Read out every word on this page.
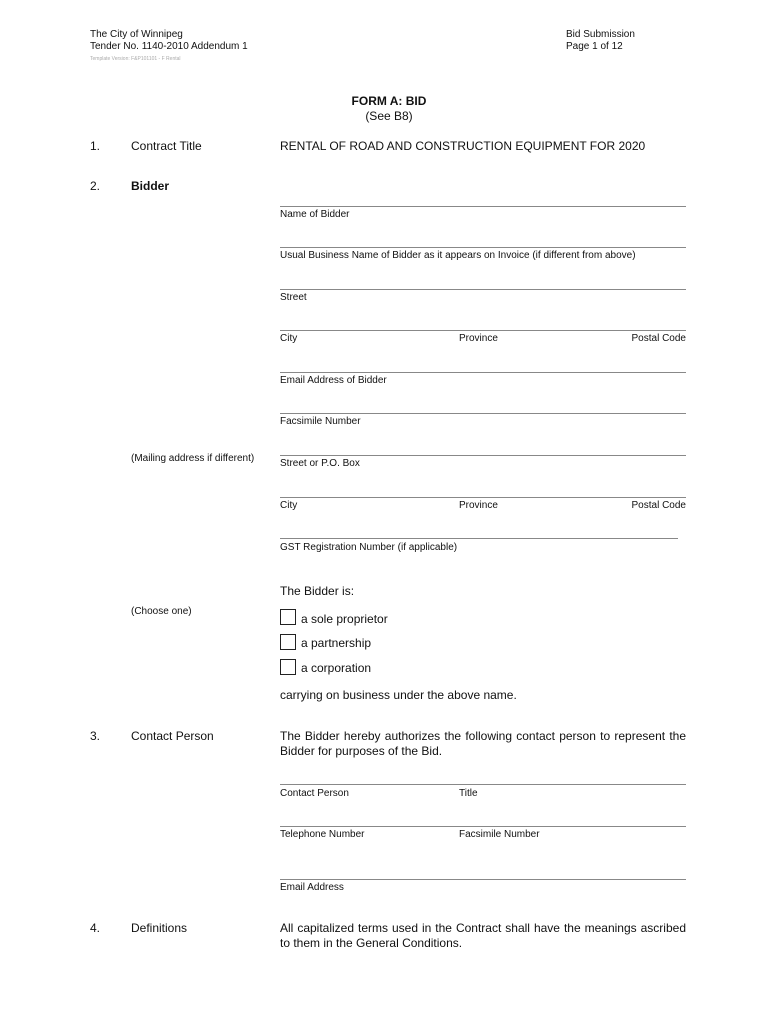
The City of Winnipeg
Tender No. 1140-2010 Addendum 1
Template Version: F&P101101 - F Rental
Bid Submission
Page 1 of 12
FORM A: BID
(See B8)
1.	Contract Title	RENTAL OF ROAD AND CONSTRUCTION EQUIPMENT FOR 2020
2.	Bidder
Name of Bidder
Usual Business Name of Bidder as it appears on Invoice (if different from above)
Street
City	Province	Postal Code
Email Address of Bidder
Facsimile Number
(Mailing address if different)	Street or P.O. Box
City	Province	Postal Code
GST Registration Number (if applicable)
The Bidder is:
(Choose one)
a sole proprietor
a partnership
a corporation
carrying on business under the above name.
3.	Contact Person	The Bidder hereby authorizes the following contact person to represent the Bidder for purposes of the Bid.
Contact Person	Title
Telephone Number	Facsimile Number
Email Address
4.	Definitions	All capitalized terms used in the Contract shall have the meanings ascribed to them in the General Conditions.
